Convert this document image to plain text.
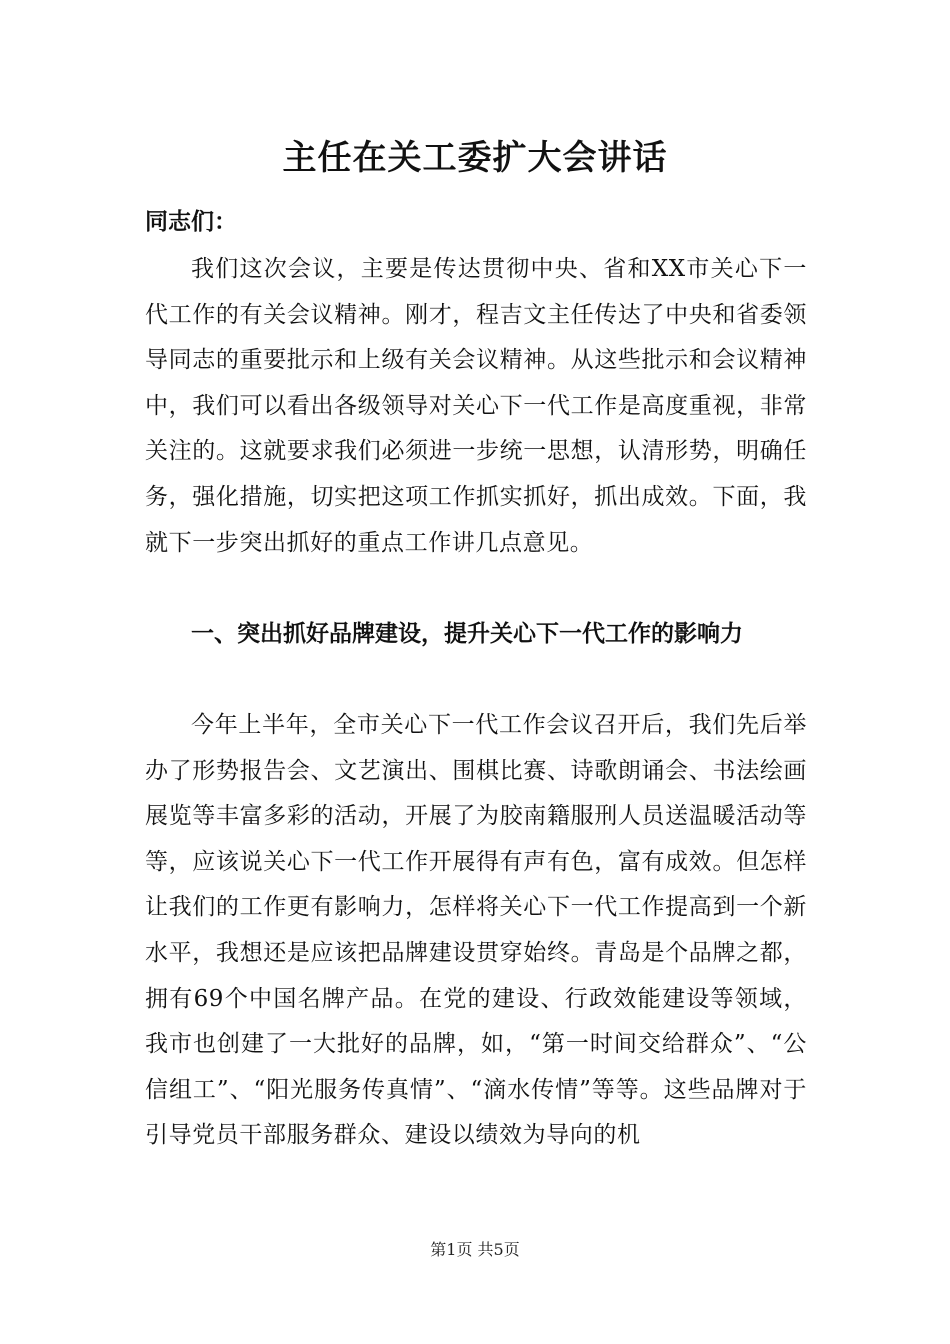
主任在关工委扩大会讲话

同志们：

我们这次会议，主要是传达贯彻中央、省和XX市关心下一代工作的有关会议精神。刚才，程吉文主任传达了中央和省委领导同志的重要批示和上级有关会议精神。从这些批示和会议精神中，我们可以看出各级领导对关心下一代工作是高度重视，非常关注的。这就要求我们必须进一步统一思想，认清形势，明确任务，强化措施，切实把这项工作抓实抓好，抓出成效。下面，我就下一步突出抓好的重点工作讲几点意见。

一、突出抓好品牌建设，提升关心下一代工作的影响力

今年上半年，全市关心下一代工作会议召开后，我们先后举办了形势报告会、文艺演出、围棋比赛、诗歌朗诵会、书法绘画展览等丰富多彩的活动，开展了为胶南籍服刑人员送温暖活动等等，应该说关心下一代工作开展得有声有色，富有成效。但怎样让我们的工作更有影响力，怎样将关心下一代工作提高到一个新水平，我想还是应该把品牌建设贯穿始终。青岛是个品牌之都，拥有69个中国名牌产品。在党的建设、行政效能建设等领域，我市也创建了一大批好的品牌，如，“第一时间交给群众”、“公信组工”、“阳光服务传真情”、“滴水传情”等等。这些品牌对于引导党员干部服务群众、建设以绩效为导向的机

第1页 共5页
